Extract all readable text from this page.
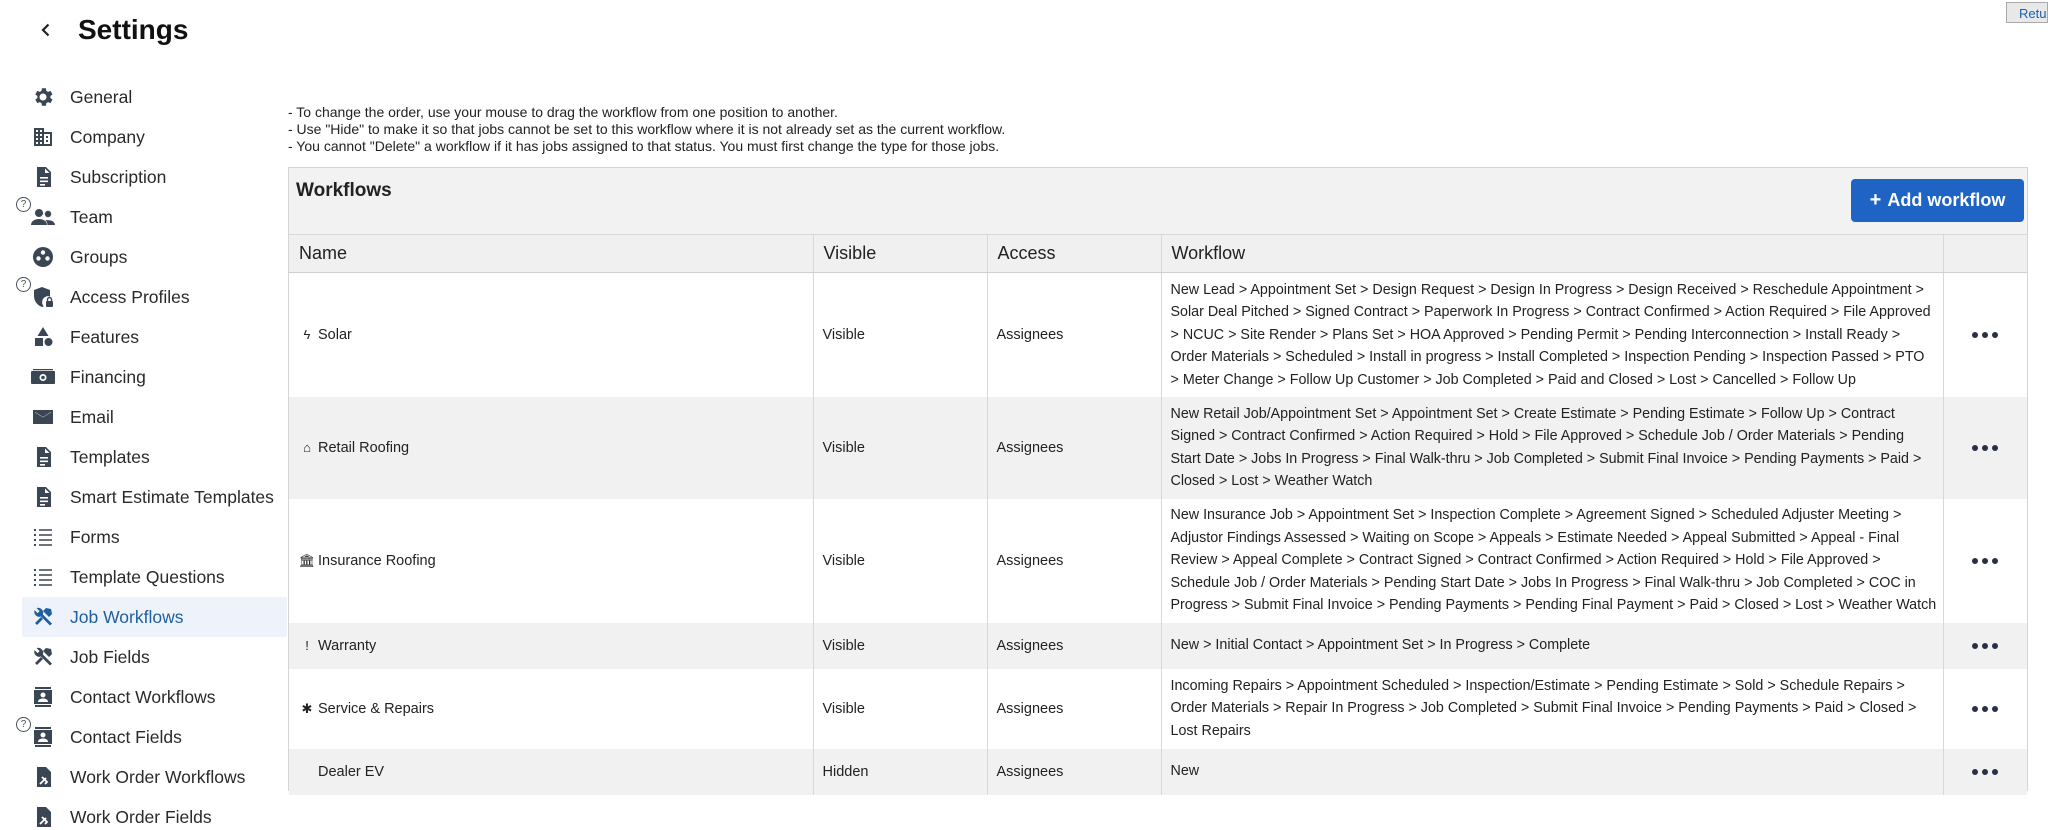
Settings
Retu
General
Company
Subscription
?
Team
Groups
?
Access Profiles
Features
Financing
Email
Templates
Smart Estimate Templates
Forms
Template Questions
Job Workflows
Job Fields
Contact Workflows
?
Contact Fields
Work Order Workflows
Work Order Fields
- To change the order, use your mouse to drag the workflow from one position to another.
- Use "Hide" to make it so that jobs cannot be set to this workflow where it is not already set as the current workflow.
- You cannot "Delete" a workflow if it has jobs assigned to that status. You must first change the type for those jobs.
Workflows	+ Add workflow
Name	Visible	Access	Workflow	

ϟ Solar	Visible	Assignees	New Lead > Appointment Set > Design Request > Design In Progress > Design Received > Reschedule Appointment > Solar Deal Pitched > Signed Contract > Paperwork In Progress > Contract Confirmed > Action Required > File Approved > NCUC > Site Render > Plans Set > HOA Approved > Pending Permit > Pending Interconnection > Install Ready > Order Materials > Scheduled > Install in progress > Install Completed > Inspection Pending > Inspection Passed > PTO > Meter Change > Follow Up Customer > Job Completed > Paid and Closed > Lost > Cancelled > Follow Up	

⌂ Retail Roofing	Visible	Assignees	New Retail Job/Appointment Set > Appointment Set > Create Estimate > Pending Estimate > Follow Up > Contract Signed > Contract Confirmed > Action Required > Hold > File Approved > Schedule Job / Order Materials > Pending Start Date > Jobs In Progress > Final Walk-thru > Job Completed > Submit Final Invoice > Pending Payments > Paid > Closed > Lost > Weather Watch	

🏛 Insurance Roofing	Visible	Assignees	New Insurance Job > Appointment Set > Inspection Complete > Agreement Signed > Scheduled Adjuster Meeting > Adjustor Findings Assessed > Waiting on Scope > Appeals > Estimate Needed > Appeal Submitted > Appeal - Final Review > Appeal Complete > Contract Signed > Contract Confirmed > Action Required > Hold > File Approved > Schedule Job / Order Materials > Pending Start Date > Jobs In Progress > Final Walk-thru > Job Completed > COC in Progress > Submit Final Invoice > Pending Payments > Pending Final Payment > Paid > Closed > Lost > Weather Watch	

! Warranty	Visible	Assignees	New > Initial Contact > Appointment Set > In Progress > Complete	

✱ Service & Repairs	Visible	Assignees	Incoming Repairs > Appointment Scheduled > Inspection/Estimate > Pending Estimate > Sold > Schedule Repairs > Order Materials > Repair In Progress > Job Completed > Submit Final Invoice > Pending Payments > Paid > Closed > Lost Repairs	

Dealer EV	Hidden	Assignees	New	
